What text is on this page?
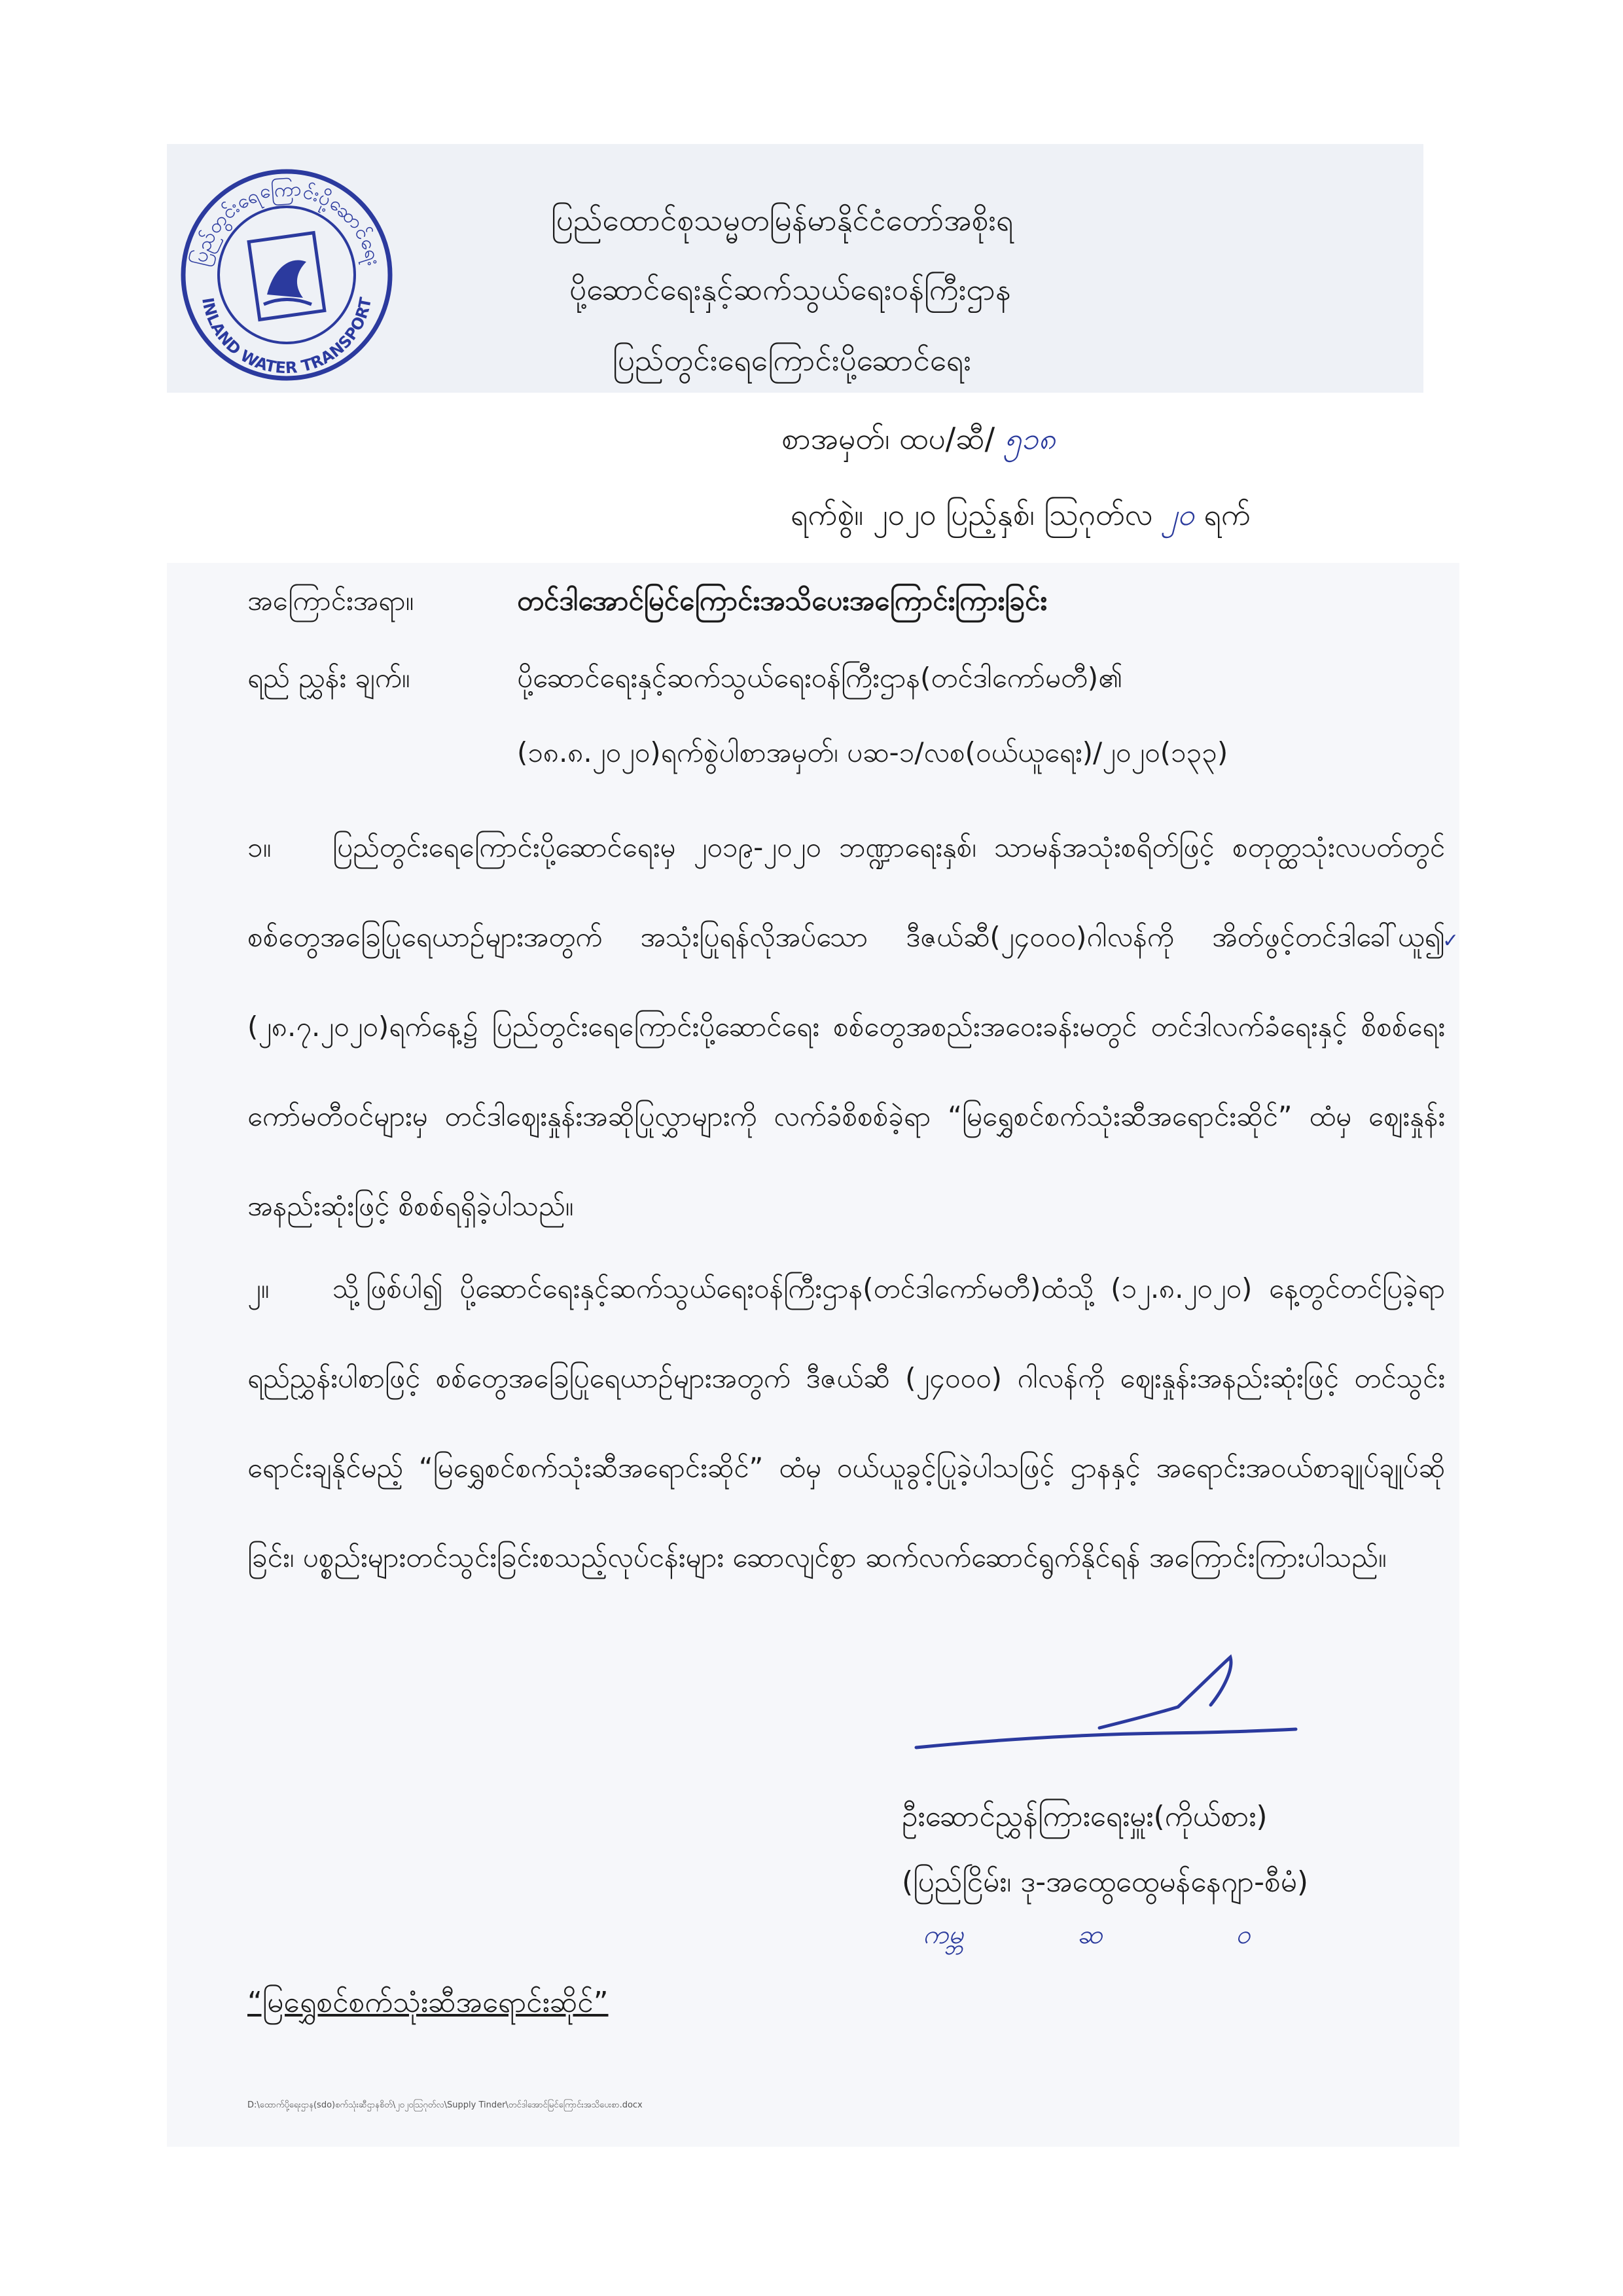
ပြည်တွင်းရေကြောင်းပို့ဆောင်ရေး
INLAND WATER TRANSPORT
ပြည်ထောင်စုသမ္မတမြန်မာနိုင်ငံတော်အစိုးရ
ပို့ဆောင်ရေးနှင့်ဆက်သွယ်ရေးဝန်ကြီးဌာန
ပြည်တွင်းရေကြောင်းပို့ဆောင်ရေး
စာအမှတ်၊ ထပ/ဆီ/ ၅၁၈
ရက်စွဲ။ ၂၀၂၀ ပြည့်နှစ်၊ ဩဂုတ်လ ၂၀ ရက်
အကြောင်းအရာ။	တင်ဒါအောင်မြင်ကြောင်းအသိပေးအကြောင်းကြားခြင်း
ရည် ညွှန်း ချက်။	ပို့ဆောင်ရေးနှင့်ဆက်သွယ်ရေးဝန်ကြီးဌာန(တင်ဒါကော်မတီ)၏
(၁၈.၈.၂၀၂၀)ရက်စွဲပါစာအမှတ်၊ ပဆ-၁/လစ(ဝယ်ယူရေး)/၂၀၂၀(၁၃၃)
၁။ ပြည်တွင်းရေကြောင်းပို့ဆောင်ရေးမှ ၂၀၁၉-၂၀၂၀ ဘဏ္ဍာရေးနှစ်၊ သာမန်အသုံးစရိတ်ဖြင့် စတုတ္ထသုံးလပတ်တွင် စစ်တွေအခြေပြုရေယာဉ်များအတွက် အသုံးပြုရန်လိုအပ်သော ဒီဇယ်ဆီ(၂၄၀၀၀)ဂါလန်ကို အိတ်ဖွင့်တင်ဒါခေါ်ယူ၍ (၂၈.၇.၂၀၂၀)ရက်နေ့၌ ပြည်တွင်းရေကြောင်းပို့ဆောင်ရေး စစ်တွေအစည်းအဝေးခန်းမတွင် တင်ဒါလက်ခံရေးနှင့် စိစစ်ရေးကော်မတီဝင်များမှ တင်ဒါဈေးနှုန်းအဆိုပြုလွှာများကို လက်ခံစိစစ်ခဲ့ရာ “မြရွှေစင်စက်သုံးဆီအရောင်းဆိုင်” ထံမှ ဈေးနှုန်းအနည်းဆုံးဖြင့် စိစစ်ရရှိခဲ့ပါသည်။
✓
၂။ သို့ဖြစ်ပါ၍ ပို့ဆောင်ရေးနှင့်ဆက်သွယ်ရေးဝန်ကြီးဌာန(တင်ဒါကော်မတီ)ထံသို့ (၁၂.၈.၂၀၂၀) နေ့တွင်တင်ပြခဲ့ရာ ရည်ညွှန်းပါစာဖြင့် စစ်တွေအခြေပြုရေယာဉ်များအတွက် ဒီဇယ်ဆီ (၂၄၀၀၀) ဂါလန်ကို ဈေးနှုန်းအနည်းဆုံးဖြင့် တင်သွင်းရောင်းချနိုင်မည့် “မြရွှေစင်စက်သုံးဆီအရောင်းဆိုင်” ထံမှ ဝယ်ယူခွင့်ပြုခဲ့ပါသဖြင့် ဌာနနှင့် အရောင်းအဝယ်စာချုပ်ချုပ်ဆိုခြင်း၊ ပစ္စည်းများတင်သွင်းခြင်းစသည့်လုပ်ငန်းများ ဆောလျင်စွာ ဆက်လက်ဆောင်ရွက်နိုင်ရန် အကြောင်းကြားပါသည်။
ဦးဆောင်ညွှန်ကြားရေးမှူး(ကိုယ်စား)
(ပြည်ငြိမ်း၊ ဒု-အထွေထွေမန်နေဂျာ-စီမံ)
ကမ္ဘ	ဆ	ဝ
“မြရွှေစင်စက်သုံးဆီအရောင်းဆိုင်”
D:\ထောက်ပို့ရေးဌာန(sdo)စက်သုံးဆီဌာနစိတ်\၂၀၂၀ဩဂုတ်လ\Supply Tinder\တင်ဒါအောင်မြင်ကြောင်းအသိပေးစာ.docx
